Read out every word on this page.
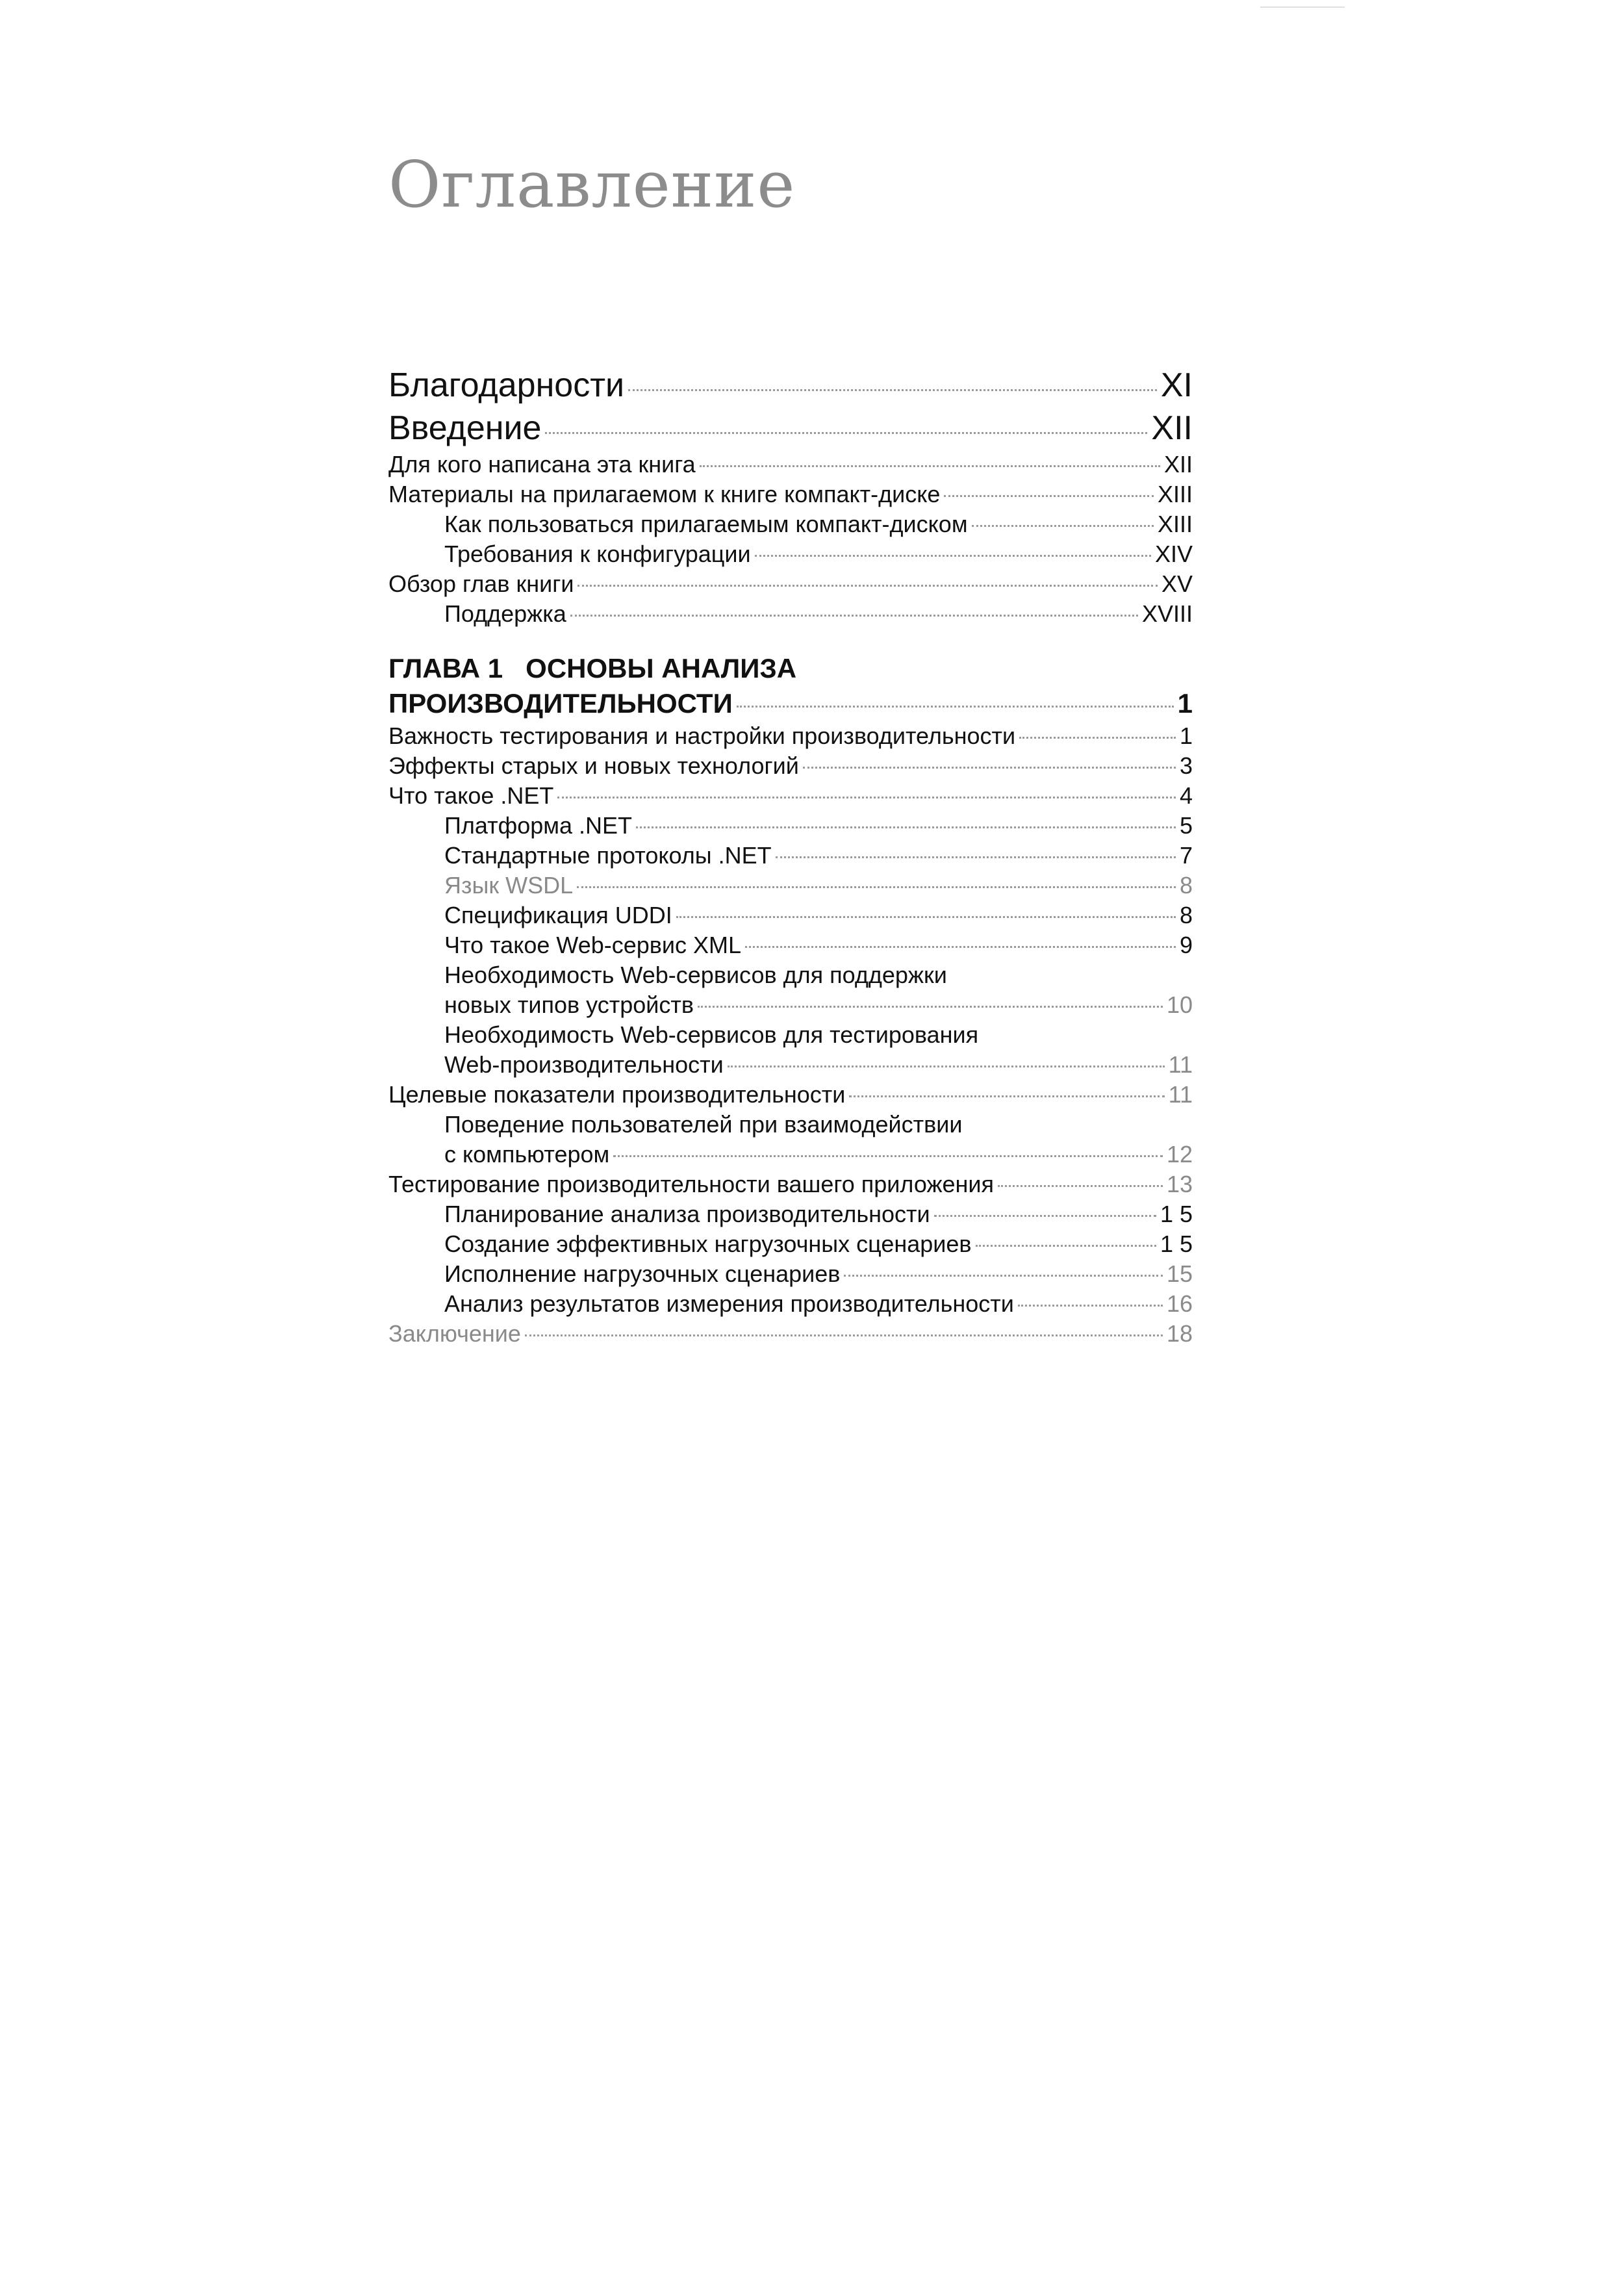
Оглавление
Благодарности	XI
Введение	XII
Для кого написана эта книга	XII
Материалы на прилагаемом к книге компакт-диске	XIII
Как пользоваться прилагаемым компакт-диском	XIII
Требования к конфигурации	XIV
Обзор глав книги	XV
Поддержка	XVIII
ГЛАВА 1   ОСНОВЫ АНАЛИЗА
ПРОИЗВОДИТЕЛЬНОСТИ	1
Важность тестирования и настройки производительности	1
Эффекты старых и новых технологий	3
Что такое .NET	4
Платформа .NET	5
Стандартные протоколы .NET	7
Язык WSDL	8
Спецификация UDDI	8
Что такое Web-сервис XML	9
Необходимость Web-сервисов для поддержки
новых типов устройств	10
Необходимость Web-сервисов для тестирования
Web-производительности	11
Целевые показатели производительности	11
Поведение пользователей при взаимодействии
с компьютером	12
Тестирование производительности вашего приложения	13
Планирование анализа производительности	1 5
Создание эффективных нагрузочных сценариев	1 5
Исполнение нагрузочных сценариев	15
Анализ результатов измерения производительности	16
Заключение	18
